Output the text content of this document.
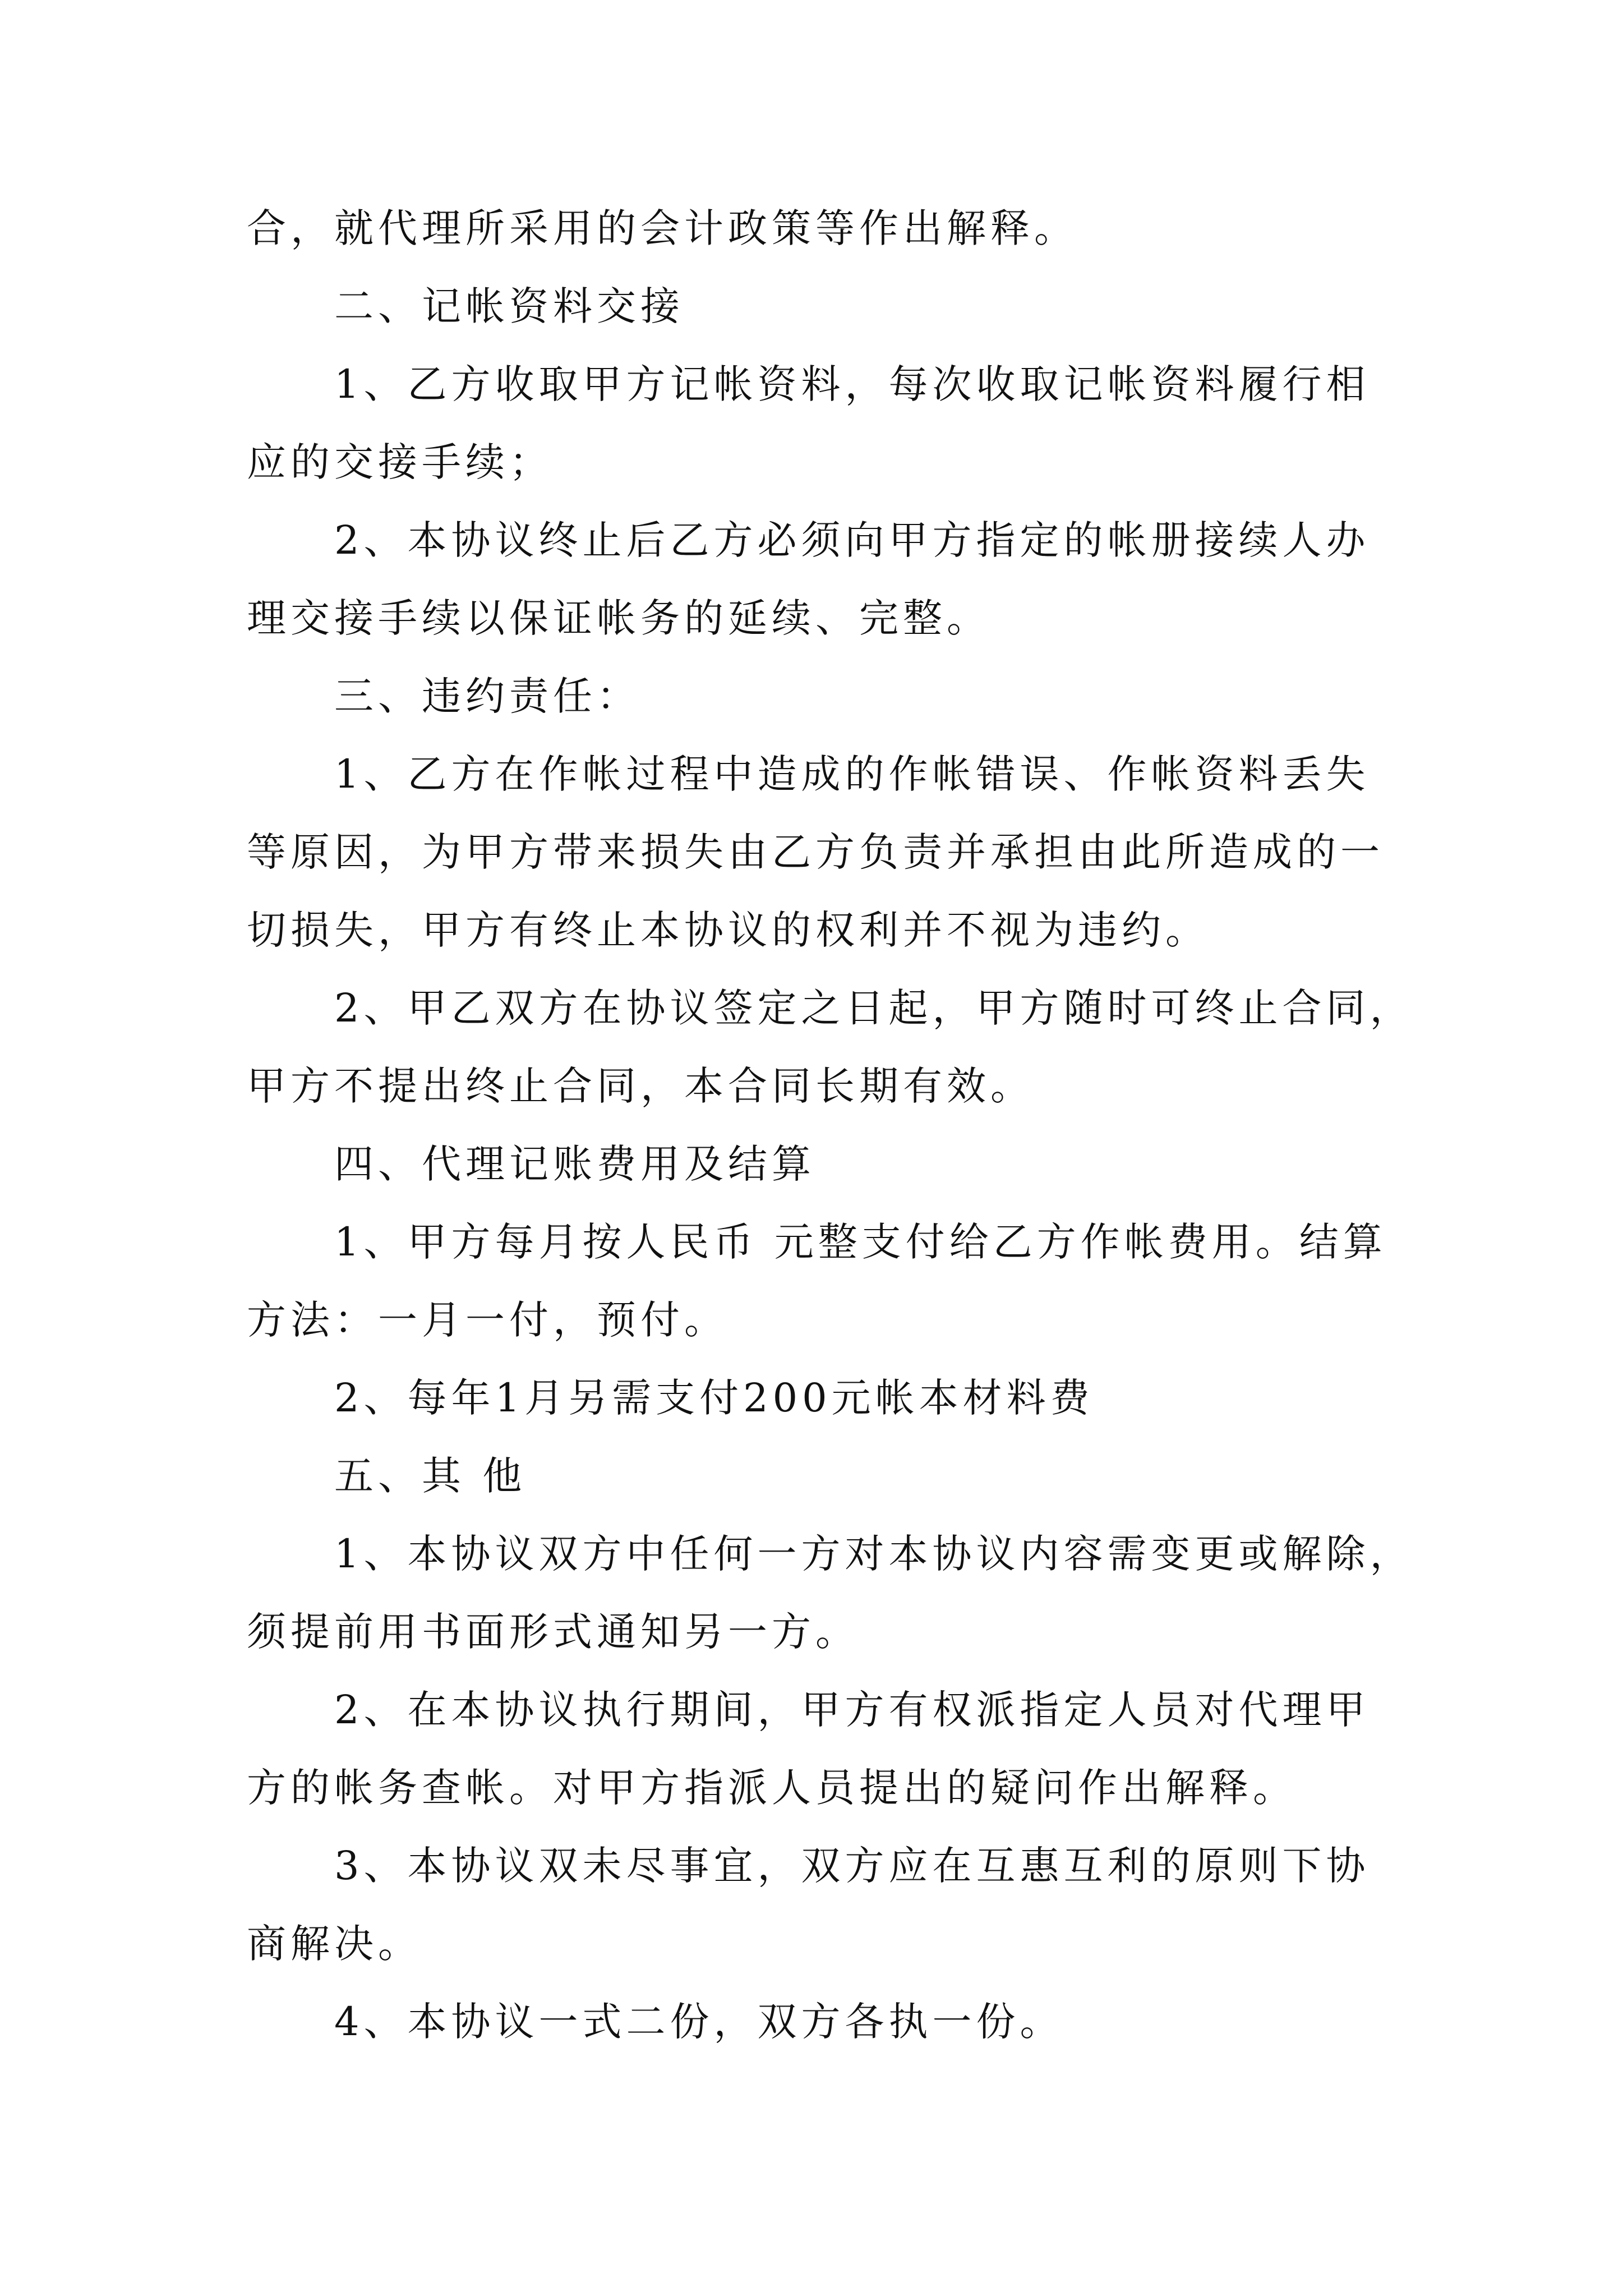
合，就代理所采用的会计政策等作出解释。
二、记帐资料交接
1、乙方收取甲方记帐资料，每次收取记帐资料履行相
应的交接手续；
2、本协议终止后乙方必须向甲方指定的帐册接续人办
理交接手续以保证帐务的延续、完整。
三、违约责任：
1、乙方在作帐过程中造成的作帐错误、作帐资料丢失
等原因，为甲方带来损失由乙方负责并承担由此所造成的一
切损失，甲方有终止本协议的权利并不视为违约。
2、甲乙双方在协议签定之日起，甲方随时可终止合同，
甲方不提出终止合同，本合同长期有效。
四、代理记账费用及结算
1、甲方每月按人民币 元整支付给乙方作帐费用。结算
方法：一月一付，预付。
2、每年1月另需支付200元帐本材料费
五、其 他
1、本协议双方中任何一方对本协议内容需变更或解除，
须提前用书面形式通知另一方。
2、在本协议执行期间，甲方有权派指定人员对代理甲
方的帐务查帐。对甲方指派人员提出的疑问作出解释。
3、本协议双未尽事宜，双方应在互惠互利的原则下协
商解决。
4、本协议一式二份，双方各执一份。
